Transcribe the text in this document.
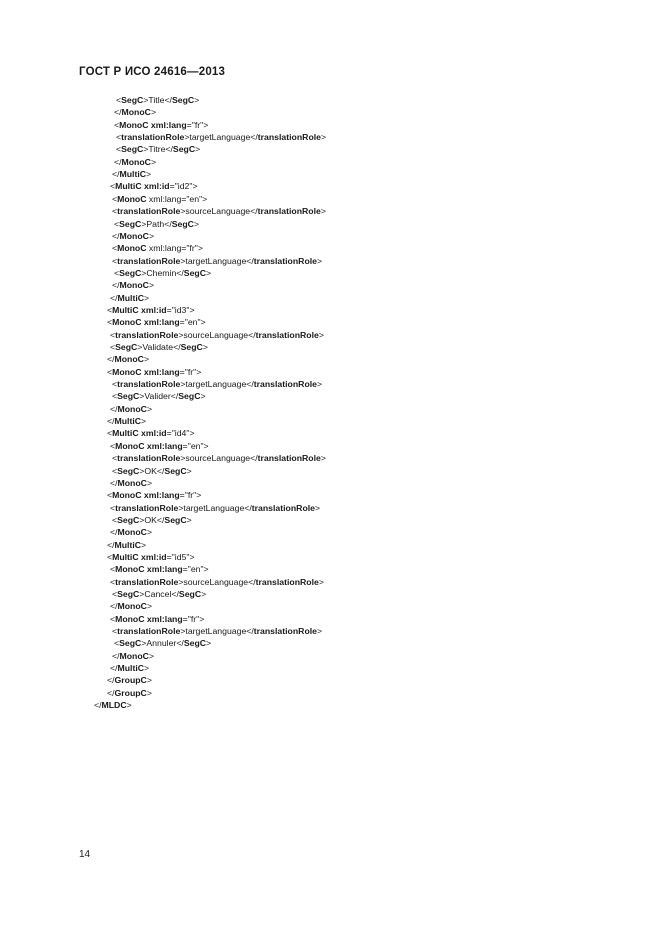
ГОСТ Р ИСО 24616—2013
<SegC>Title</SegC>
</MonoC>
<MonoC xml:lang="fr">
<translationRole>targetLanguage</translationRole>
<SegC>Titre</SegC>
</MonoC>
</MultiC>
<MultiC xml:id="id2">
<MonoC xml:lang="en">
<translationRole>sourceLanguage</translationRole>
<SegC>Path</SegC>
</MonoC>
<MonoC xml:lang="fr">
<translationRole>targetLanguage</translationRole>
<SegC>Chemin</SegC>
</MonoC>
</MultiC>
<MultiC xml:id="id3">
<MonoC xml:lang="en">
<translationRole>sourceLanguage</translationRole>
<SegC>Validate</SegC>
</MonoC>
<MonoC xml:lang="fr">
<translationRole>targetLanguage</translationRole>
<SegC>Valider</SegC>
</MonoC>
</MultiC>
<MultiC xml:id="id4">
<MonoC xml:lang="en">
<translationRole>sourceLanguage</translationRole>
<SegC>OK</SegC>
</MonoC>
<MonoC xml:lang="fr">
<translationRole>targetLanguage</translationRole>
<SegC>OK</SegC>
</MonoC>
</MultiC>
<MultiC xml:id="id5">
<MonoC xml:lang="en">
<translationRole>sourceLanguage</translationRole>
<SegC>Cancel</SegC>
</MonoC>
<MonoC xml:lang="fr">
<translationRole>targetLanguage</translationRole>
<SegC>Annuler</SegC>
</MonoC>
</MultiC>
</GroupC>
</GroupC>
</MLDC>
14
